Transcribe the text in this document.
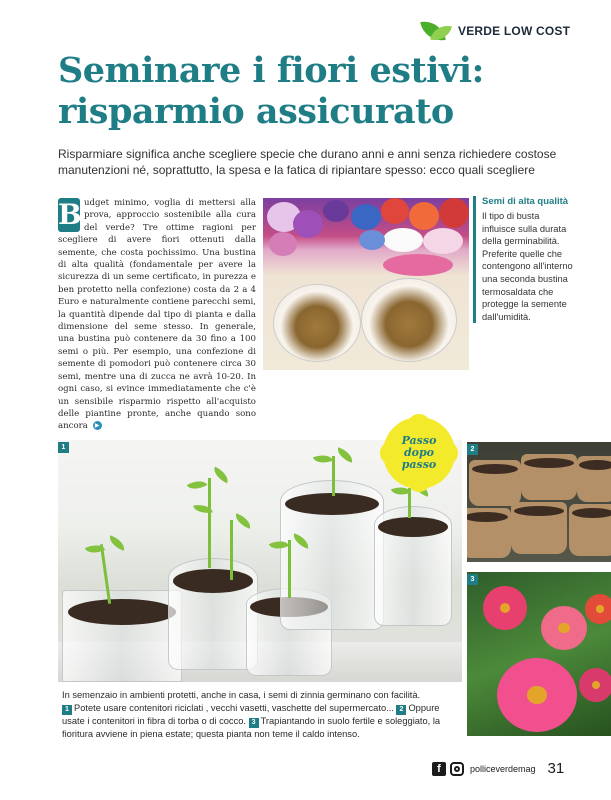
VERDE LOW COST
Seminare i fiori estivi:
risparmio assicurato

Risparmiare significa anche scegliere specie che durano anni e anni senza richiedere costose manutenzioni né, soprattutto, la spesa e la fatica di ripiantare spesso: ecco quali scegliere

B udget minimo, voglia di mettersi alla prova, approccio sostenibile alla cura del verde? Tre ottime ragioni per scegliere di avere fiori ottenuti dalla semente, che costa pochissimo. Una bustina di alta qualità (fondamentale per avere la sicurezza di un seme certificato, in purezza e ben protetto nella confezione) costa da 2 a 4 Euro e naturalmente contiene parecchi semi, la quantità dipende dal tipo di pianta e dalla dimensione del seme stesso. In generale, una bustina può contenere da 30 fino a 100 semi o più. Per esempio, una confezione di semente di pomodori può contenere circa 30 semi, mentre una di zucca ne avrà 10-20. In ogni caso, si evince immediatamente che c'è un sensibile risparmio rispetto all'acquisto delle piantine pronte, anche quando sono ancora ▶
Semi di alta qualità
Il tipo di busta influisce sulla durata della germinabilità. Preferite quelle che contengono all'interno una seconda bustina termosaldata che protegge la semente dall'umidità.
1
Passo
dopo
passo
2
3
In semenzaio in ambienti protetti, anche in casa, i semi di zinnia germinano con facilità.
1 Potete usare contenitori riciclati , vecchi vasetti, vaschette del supermercato... 2 Oppure usate i contenitori in fibra di torba o di cocco. 3 Trapiantando in suolo fertile e soleggiato, la fioritura avviene in piena estate; questa pianta non teme il caldo intenso.
f	polliceverdemag 31
